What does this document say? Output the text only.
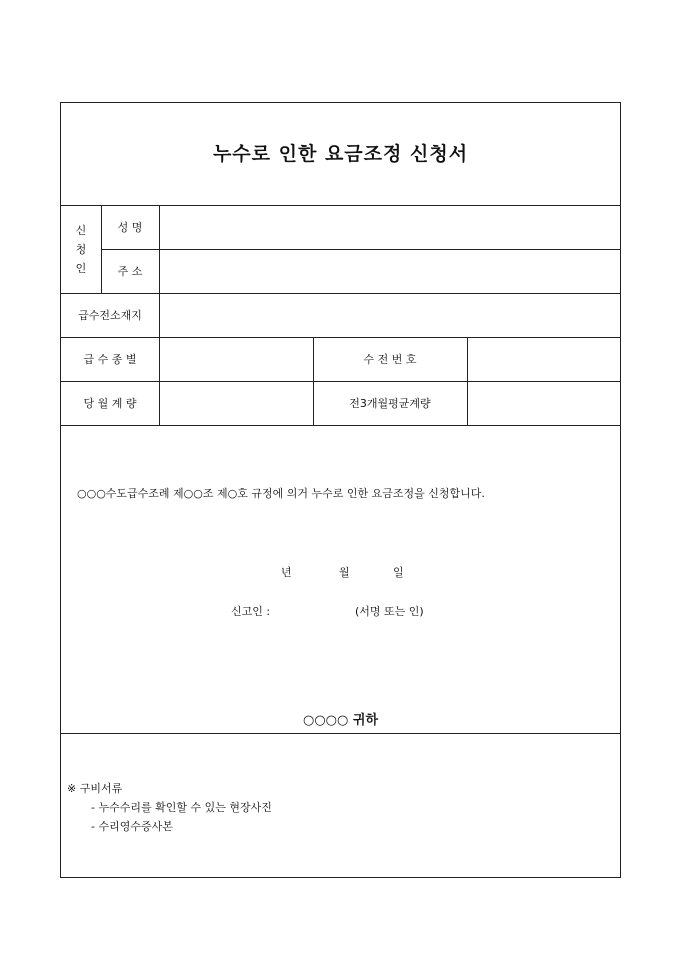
누수로 인한 요금조정 신청서
신
청
인
성 명
주 소
급수전소재지
급 수 종 별	수 전 번 호
당 월 계 량	전3개월평균계량
○○○수도급수조례 제○○조 제○호 규정에 의거 누수로 인한 요금조정을 신청합니다.
년	월	일
신고인 :	(서명 또는 인)
○○○○ 귀하
※ 구비서류
- 누수수리를 확인할 수 있는 현장사진
- 수리영수증사본
